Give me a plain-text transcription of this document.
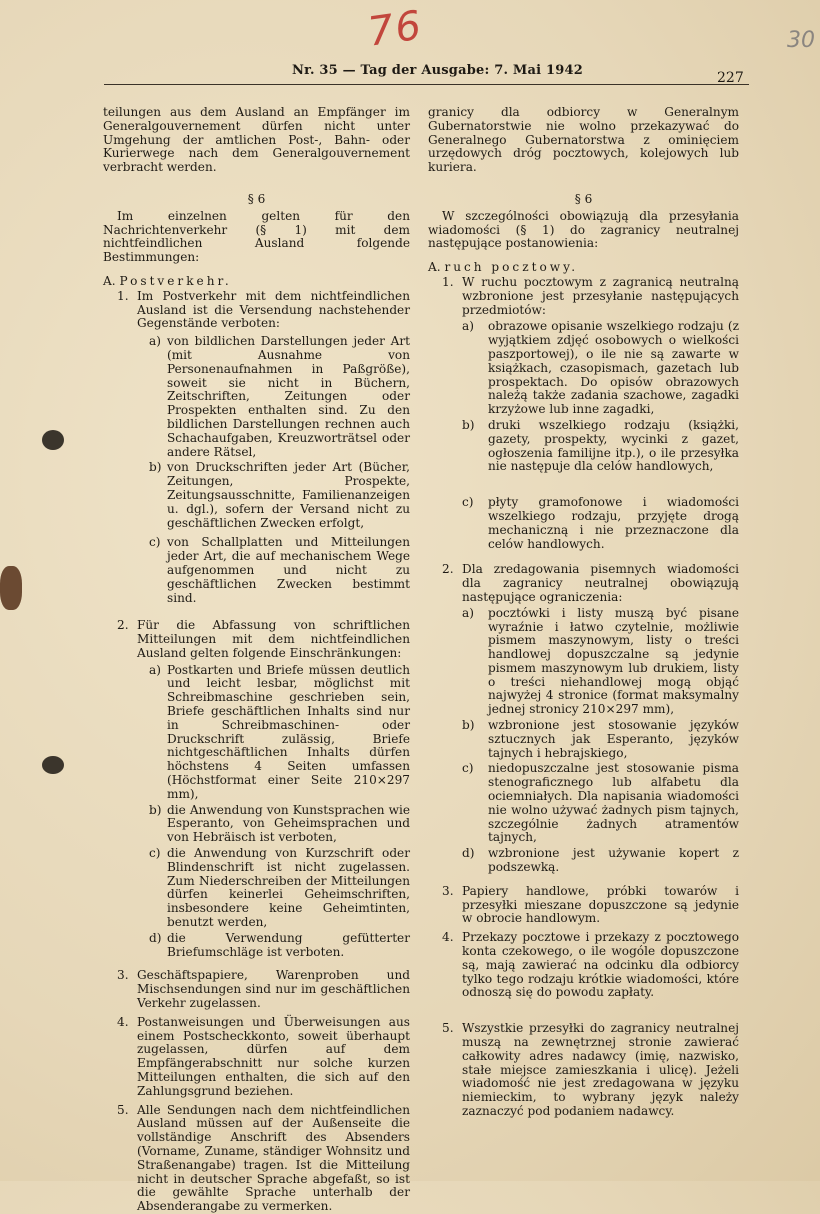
76	30
Nr. 35 — Tag der Ausgabe: 7. Mai 1942	227

teilungen aus dem Ausland an Empfänger im Generalgouvernement dürfen nicht unter Umgehung der amtlichen Post-, Bahn- oder Kurierwege nach dem Generalgouvernement verbracht werden.

§ 6

Im einzelnen gelten für den Nachrichtenverkehr (§ 1) mit dem nichtfeindlichen Ausland folgende Bestimmungen:

A. Postverkehr.

1. Im Postverkehr mit dem nichtfeindlichen Ausland ist die Versendung nachstehender Gegenstände verboten:
a) von bildlichen Darstellungen jeder Art (mit Ausnahme von Personenaufnahmen in Paßgröße), soweit sie nicht in Büchern, Zeitschriften, Zeitungen oder Prospekten enthalten sind. Zu den bildlichen Darstellungen rechnen auch Schachaufgaben, Kreuzworträtsel oder andere Rätsel,
b) von Druckschriften jeder Art (Bücher, Zeitungen, Prospekte, Zeitungsausschnitte, Familienanzeigen u. dgl.), sofern der Versand nicht zu geschäftlichen Zwecken erfolgt,
c) von Schallplatten und Mitteilungen jeder Art, die auf mechanischem Wege aufgenommen und nicht zu geschäftlichen Zwecken bestimmt sind.
2. Für die Abfassung von schriftlichen Mitteilungen mit dem nichtfeindlichen Ausland gelten folgende Einschränkungen:
a) Postkarten und Briefe müssen deutlich und leicht lesbar, möglichst mit Schreibmaschine geschrieben sein, Briefe geschäftlichen Inhalts sind nur in Schreibmaschinen- oder Druckschrift zulässig, Briefe nichtgeschäftlichen Inhalts dürfen höchstens 4 Seiten umfassen (Höchstformat einer Seite 210×297 mm),
b) die Anwendung von Kunstsprachen wie Esperanto, von Geheimsprachen und von Hebräisch ist verboten,
c) die Anwendung von Kurzschrift oder Blindenschrift ist nicht zugelassen. Zum Niederschreiben der Mitteilungen dürfen keinerlei Geheimschriften, insbesondere keine Geheimtinten, benutzt werden,
d) die Verwendung gefütterter Briefumschläge ist verboten.
3. Geschäftspapiere, Warenproben und Mischsendungen sind nur im geschäftlichen Verkehr zugelassen.
4. Postanweisungen und Überweisungen aus einem Postscheckkonto, soweit überhaupt zugelassen, dürfen auf dem Empfängerabschnitt nur solche kurzen Mitteilungen enthalten, die sich auf den Zahlungsgrund beziehen.
5. Alle Sendungen nach dem nichtfeindlichen Ausland müssen auf der Außenseite die vollständige Anschrift des Absenders (Vorname, Zuname, ständiger Wohnsitz und Straßenangabe) tragen. Ist die Mitteilung nicht in deutscher Sprache abgefaßt, so ist die gewählte Sprache unterhalb der Absenderangabe zu vermerken.

granicy dla odbiorcy w Generalnym Gubernatorstwie nie wolno przekazywać do Generalnego Gubernatorstwa z ominięciem urzędowych dróg pocztowych, kolejowych lub kuriera.

§ 6

W szczególności obowiązują dla przesyłania wiadomości (§ 1) do zagranicy neutralnej następujące postanowienia:

A. ruch pocztowy.

1. W ruchu pocztowym z zagranicą neutralną wzbronione jest przesyłanie następujących przedmiotów:
a) obrazowe opisanie wszelkiego rodzaju (z wyjątkiem zdjęć osobowych o wielkości paszportowej), o ile nie są zawarte w książkach, czasopismach, gazetach lub prospektach. Do opisów obrazowych należą także zadania szachowe, zagadki krzyżowe lub inne zagadki,
b) druki wszelkiego rodzaju (książki, gazety, prospekty, wycinki z gazet, ogłoszenia familijne itp.), o ile przesyłka nie następuje dla celów handlowych,
c) płyty gramofonowe i wiadomości wszelkiego rodzaju, przyjęte drogą mechaniczną i nie przeznaczone dla celów handlowych.
2. Dla zredagowania pisemnych wiadomości dla zagranicy neutralnej obowiązują następujące ograniczenia:
a) pocztówki i listy muszą być pisane wyraźnie i łatwo czytelnie, możliwie pismem maszynowym, listy o treści handlowej dopuszczalne są jedynie pismem maszynowym lub drukiem, listy o treści niehandlowej mogą objąć najwyżej 4 stronice (format maksymalny jednej stronicy 210×297 mm),
b) wzbronione jest stosowanie języków sztucznych jak Esperanto, języków tajnych i hebrajskiego,
c) niedopuszczalne jest stosowanie pisma stenograficznego lub alfabetu dla ociemniałych. Dla napisania wiadomości nie wolno używać żadnych pism tajnych, szczególnie żadnych atramentów tajnych,
d) wzbronione jest używanie kopert z podszewką.
3. Papiery handlowe, próbki towarów i przesyłki mieszane dopuszczone są jedynie w obrocie handlowym.
4. Przekazy pocztowe i przekazy z pocztowego konta czekowego, o ile wogóle dopuszczone są, mają zawierać na odcinku dla odbiorcy tylko tego rodzaju krótkie wiadomości, które odnoszą się do powodu zapłaty.
5. Wszystkie przesyłki do zagranicy neutralnej muszą na zewnętrznej stronie zawierać całkowity adres nadawcy (imię, nazwisko, stałe miejsce zamieszkania i ulicę). Jeżeli wiadomość nie jest zredagowana w języku niemieckim, to wybrany język należy zaznaczyć pod podaniem nadawcy.
